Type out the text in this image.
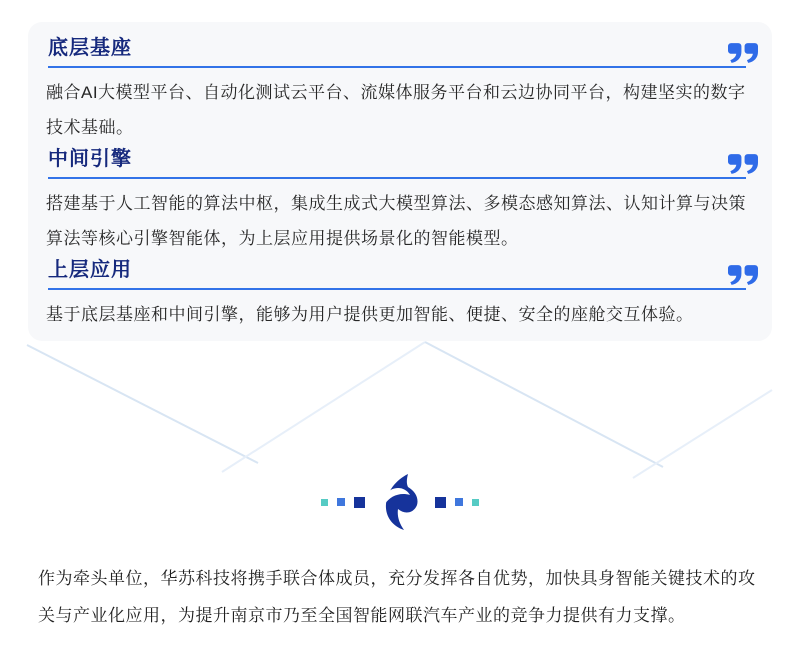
底层基座

融合AI大模型平台、自动化测试云平台、流媒体服务平台和云边协同平台，构建坚实的数字技术基础。

中间引擎

搭建基于人工智能的算法中枢，集成生成式大模型算法、多模态感知算法、认知计算与决策算法等核心引擎智能体，为上层应用提供场景化的智能模型。

上层应用

基于底层基座和中间引擎，能够为用户提供更加智能、便捷、安全的座舱交互体验。

作为牵头单位，华苏科技将携手联合体成员，充分发挥各自优势，加快具身智能关键技术的攻关与产业化应用，为提升南京市乃至全国智能网联汽车产业的竞争力提供有力支撑。
